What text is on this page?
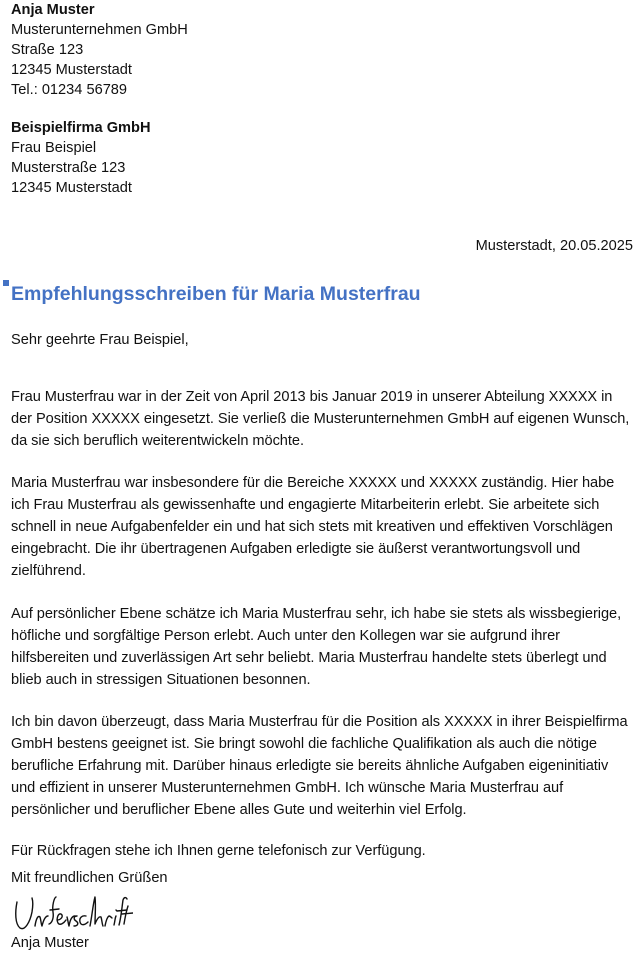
Anja Muster
Musterunternehmen GmbH
Straße 123
12345 Musterstadt
Tel.: 01234 56789
Beispielfirma GmbH
Frau Beispiel
Musterstraße 123
12345 Musterstadt
Musterstadt, 20.05.2025
Empfehlungsschreiben für Maria Musterfrau
Sehr geehrte Frau Beispiel,

Frau Musterfrau war in der Zeit von April 2013 bis Januar 2019 in unserer Abteilung XXXXX in der Position XXXXX eingesetzt. Sie verließ die Musterunternehmen GmbH auf eigenen Wunsch, da sie sich beruflich weiterentwickeln möchte.

Maria Musterfrau war insbesondere für die Bereiche XXXXX und XXXXX zuständig. Hier habe ich Frau Musterfrau als gewissenhafte und engagierte Mitarbeiterin erlebt. Sie arbeitete sich schnell in neue Aufgabenfelder ein und hat sich stets mit kreativen und effektiven Vorschlägen eingebracht. Die ihr übertragenen Aufgaben erledigte sie äußerst verantwortungsvoll und zielführend.

Auf persönlicher Ebene schätze ich Maria Musterfrau sehr, ich habe sie stets als wissbegierige, höfliche und sorgfältige Person erlebt. Auch unter den Kollegen war sie aufgrund ihrer hilfsbereiten und zuverlässigen Art sehr beliebt. Maria Musterfrau handelte stets überlegt und blieb auch in stressigen Situationen besonnen.

Ich bin davon überzeugt, dass Maria Musterfrau für die Position als XXXXX in ihrer Beispielfirma GmbH bestens geeignet ist. Sie bringt sowohl die fachliche Qualifikation als auch die nötige berufliche Erfahrung mit. Darüber hinaus erledigte sie bereits ähnliche Aufgaben eigeninitiativ und effizient in unserer Musterunternehmen GmbH. Ich wünsche Maria Musterfrau auf persönlicher und beruflicher Ebene alles Gute und weiterhin viel Erfolg.

Für Rückfragen stehe ich Ihnen gerne telefonisch zur Verfügung.

Mit freundlichen Grüßen
Anja Muster
